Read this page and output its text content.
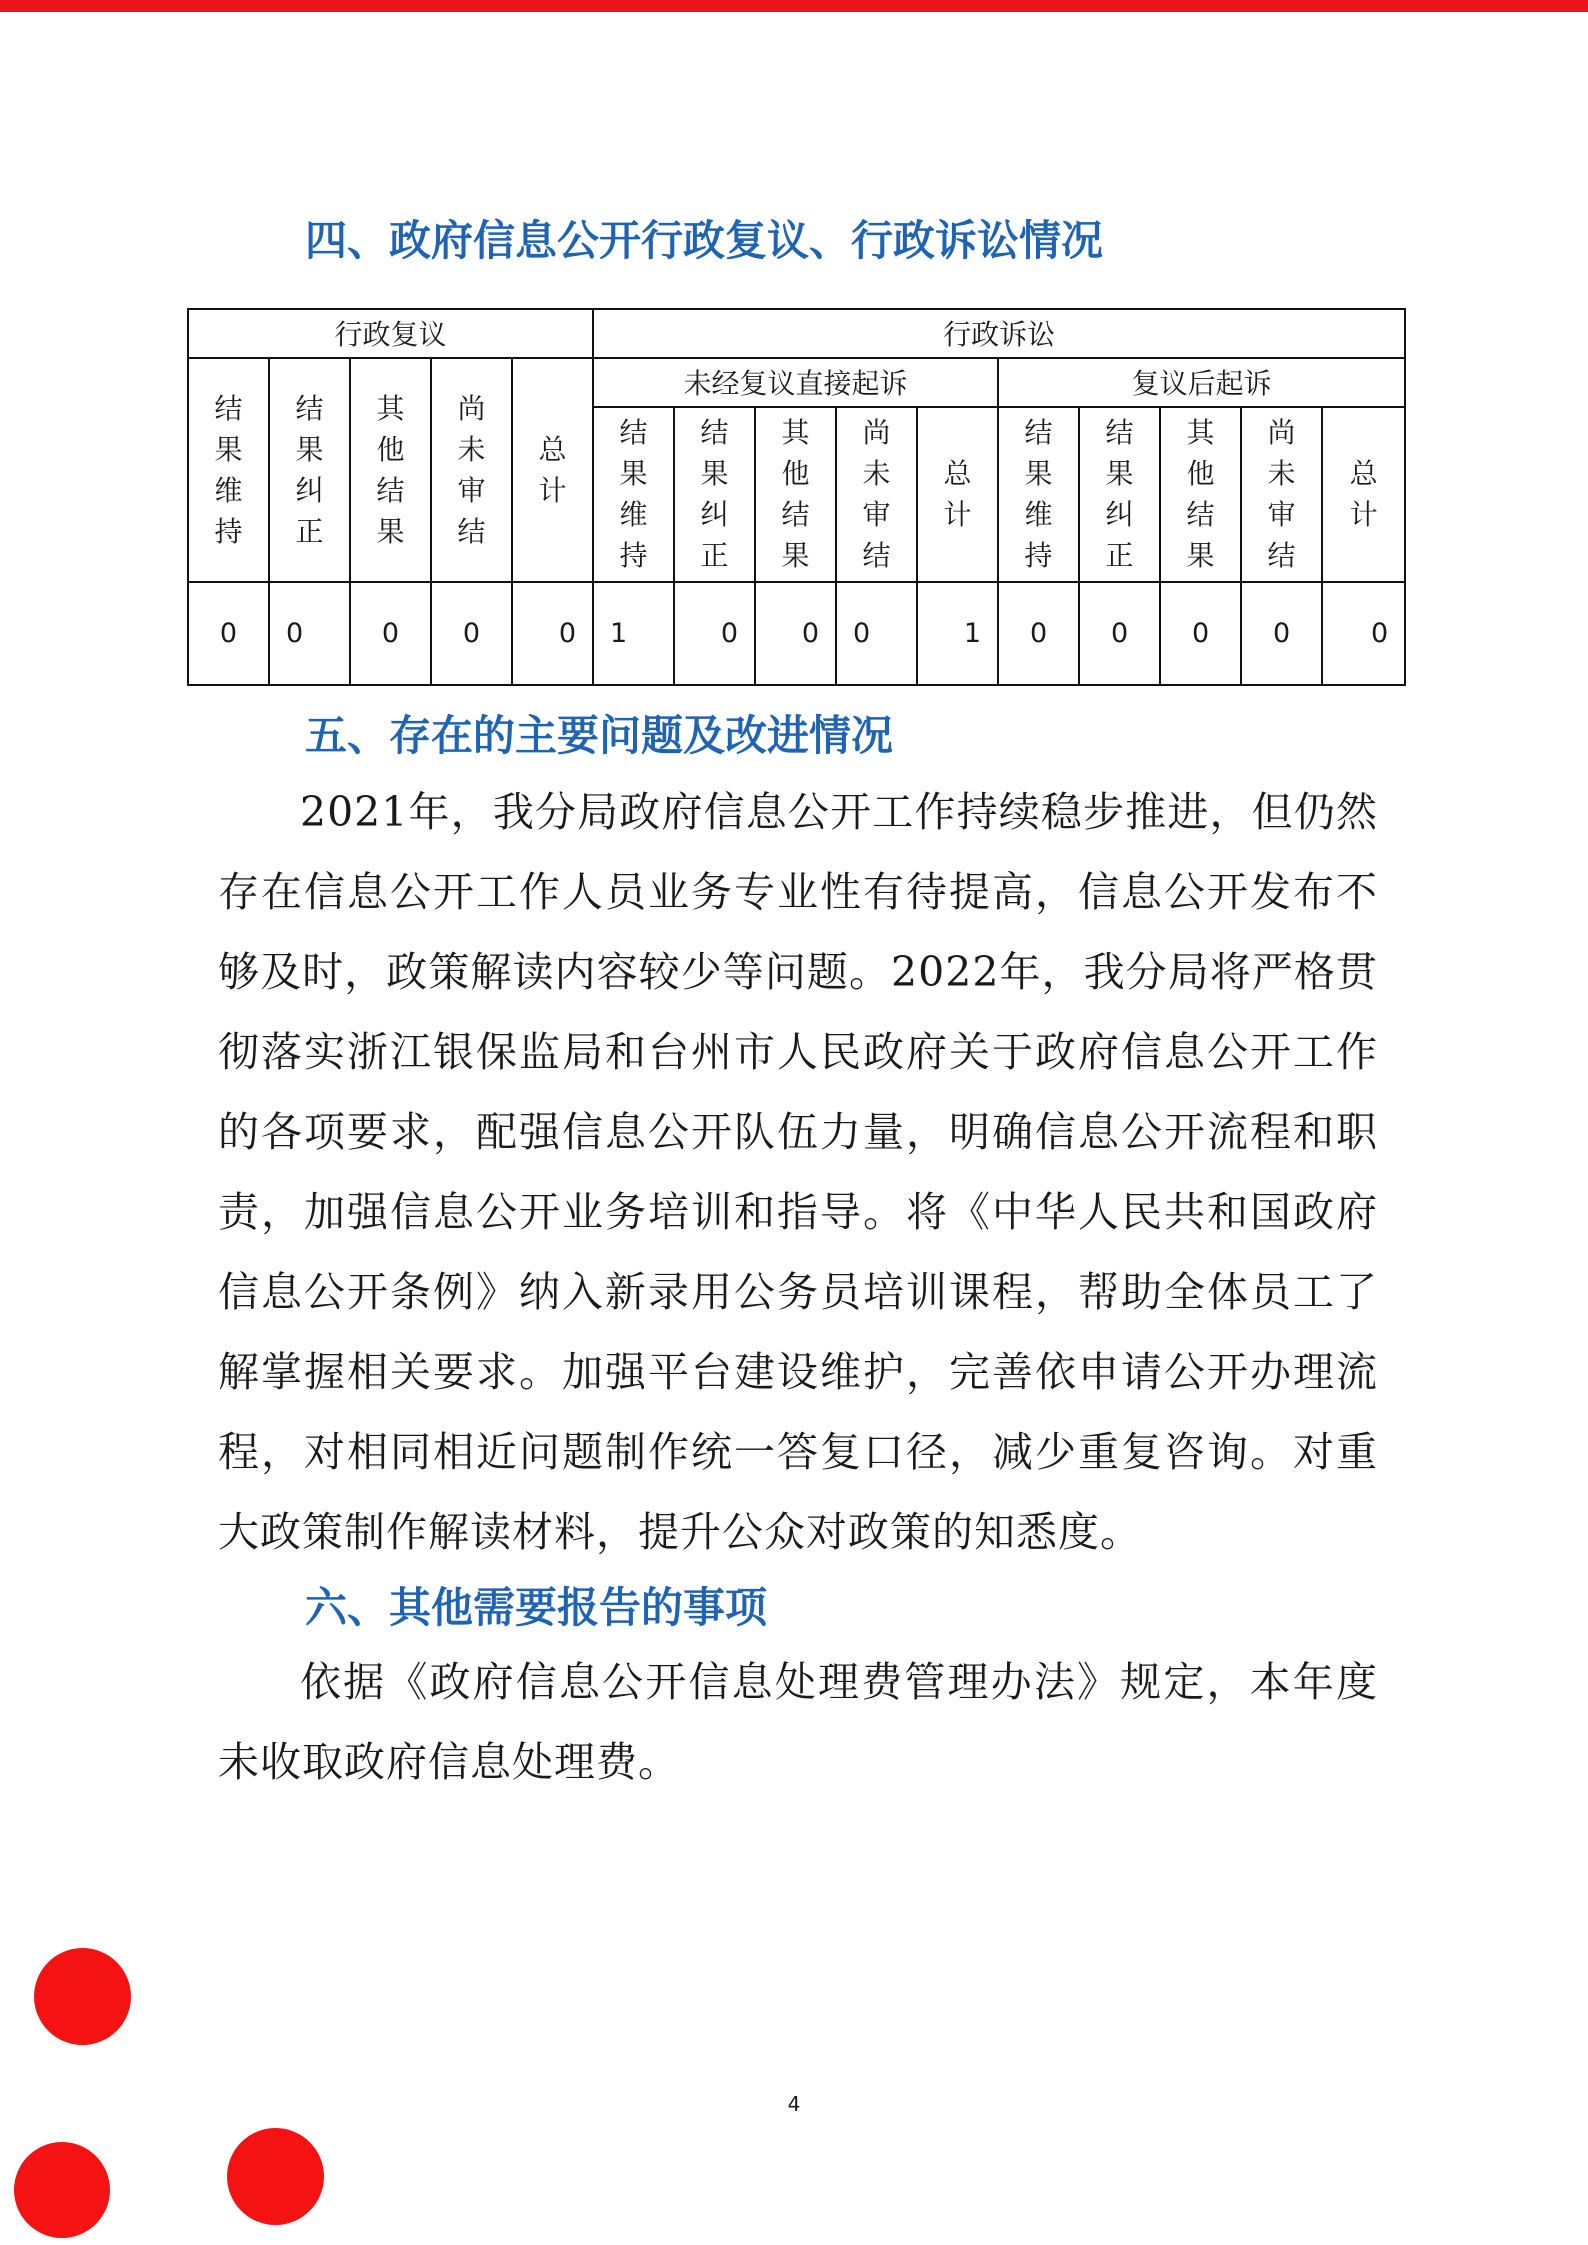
四、政府信息公开行政复议、行政诉讼情况
行政复议					行政诉讼									
结果维持	结果纠正	其他结果	尚未审结	总计	未经复议直接起诉					复议后起诉				
					结果维持	结果纠正	其他结果	尚未审结	总计	结果维持	结果纠正	其他结果	尚未审结	总计
0	0	0	0	0	1	0	0	0	1	0	0	0	0	0
五、存在的主要问题及改进情况

2021年，我分局政府信息公开工作持续稳步推进，但仍然存在信息公开工作人员业务专业性有待提高，信息公开发布不够及时，政策解读内容较少等问题。2022年，我分局将严格贯彻落实浙江银保监局和台州市人民政府关于政府信息公开工作的各项要求，配强信息公开队伍力量，明确信息公开流程和职责，加强信息公开业务培训和指导。将《中华人民共和国政府信息公开条例》纳入新录用公务员培训课程，帮助全体员工了解掌握相关要求。加强平台建设维护，完善依申请公开办理流程，对相同相近问题制作统一答复口径，减少重复咨询。对重大政策制作解读材料，提升公众对政策的知悉度。

六、其他需要报告的事项

依据《政府信息公开信息处理费管理办法》规定，本年度未收取政府信息处理费。

4
